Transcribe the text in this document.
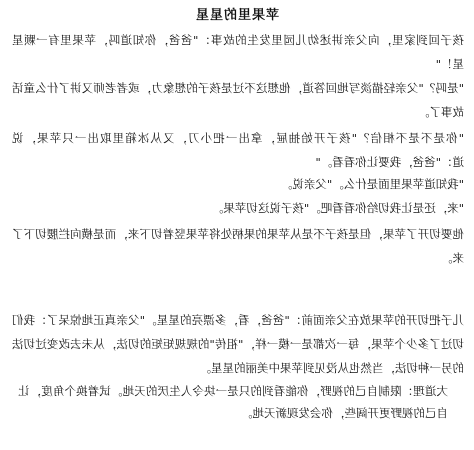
苹果里的星星

孩子回到家里，向父亲讲述幼儿园里发生的故事："爸爸，你知道吗，苹果里有一颗星星！"

"是吗？"父亲轻描淡写地回答道，他想这不过是孩子的想象力，或者老师又讲了什么童话故事了。

"你是不是不相信？"孩子开始抽屉，拿出一把小刀，又从冰箱里取出一只苹果，说道："爸爸，我要让你看看。"

"我知道苹果里面是什么。"父亲说。

"来，还是让我切给你看看吧。"孩子说这切苹果。

他要切开了苹果，但是孩子不是从苹果的果柄处将苹果竖着切下来，而是横向拦腰切下了来。

儿子把切开的苹果放在父亲面前："爸爸，看，多漂亮的星星。"父亲真正地惊呆了：我们切过了多少个苹果，每一次都是一模一样，"祖传"的规规矩矩的切法，从未去改变过切法的另一种切法，当然也从没见到苹果中美丽的星星。

大道理：限制自己的视野，你能看到的只是一块令人生厌的天地。试着换个角度，让自己的视野更开阔些，你会发现新天地。
